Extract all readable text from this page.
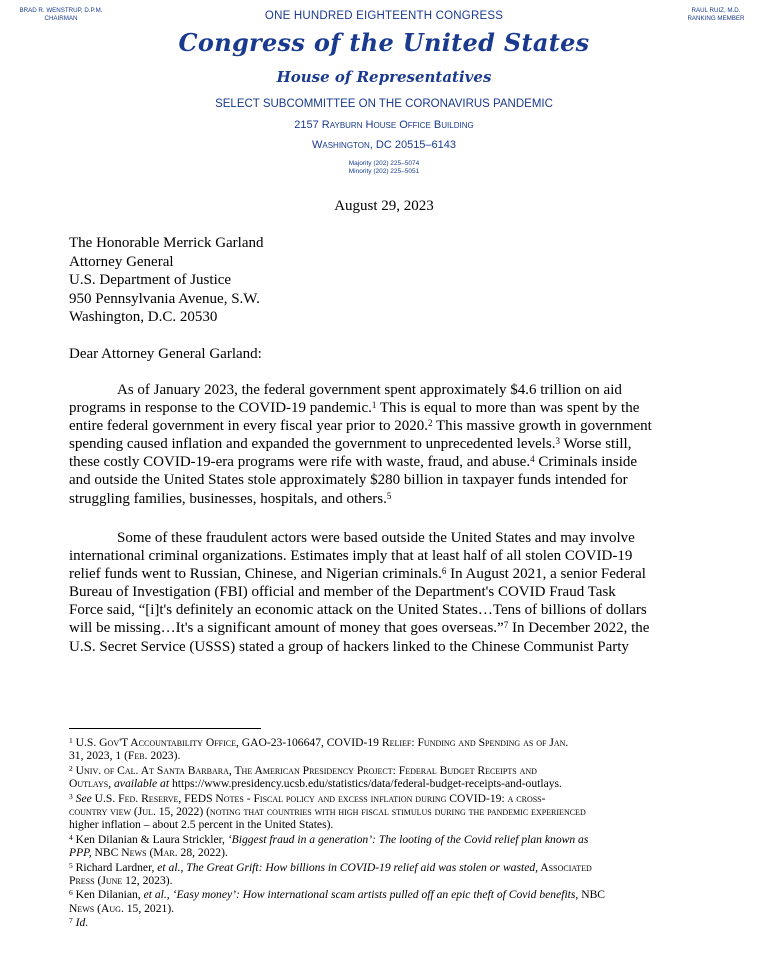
BRAD R. WENSTRUP, D.P.M.
CHAIRMAN
RAUL RUIZ, M.D.
RANKING MEMBER
ONE HUNDRED EIGHTEENTH CONGRESS
Congress of the United States
House of Representatives
SELECT SUBCOMMITTEE ON THE CORONAVIRUS PANDEMIC
2157 Rayburn House Office Building
Washington, DC 20515–6143
Majority (202) 225–5074
Minority (202) 225–5051
August 29, 2023
The Honorable Merrick Garland
Attorney General
U.S. Department of Justice
950 Pennsylvania Avenue, S.W.
Washington, D.C. 20530
Dear Attorney General Garland:
As of January 2023, the federal government spent approximately $4.6 trillion on aid
programs in response to the COVID-19 pandemic.$^1$ This is equal to more than was spent by the
entire federal government in every fiscal year prior to 2020.$^2$ This massive growth in government
spending caused inflation and expanded the government to unprecedented levels.$^3$ Worse still,
these costly COVID-19-era programs were rife with waste, fraud, and abuse.$^4$ Criminals inside
and outside the United States stole approximately $280 billion in taxpayer funds intended for
struggling families, businesses, hospitals, and others.$^5$
Some of these fraudulent actors were based outside the United States and may involve
international criminal organizations. Estimates imply that at least half of all stolen COVID-19
relief funds went to Russian, Chinese, and Nigerian criminals.$^6$ In August 2021, a senior Federal
Bureau of Investigation (FBI) official and member of the Department's COVID Fraud Task
Force said, “[i]t's definitely an economic attack on the United States…Tens of billions of dollars
will be missing…It's a significant amount of money that goes overseas.”$^7$ In December 2022, the
U.S. Secret Service (USSS) stated a group of hackers linked to the Chinese Communist Party
$^1$ U.S. Gov'T Accountability Office, GAO-23-106647, COVID-19 Relief: Funding and Spending as of Jan.
31, 2023, 1 (Feb. 2023).
$^2$ Univ. of Cal. At Santa Barbara, The American Presidency Project: Federal Budget Receipts and
Outlays, available at https://www.presidency.ucsb.edu/statistics/data/federal-budget-receipts-and-outlays.
$^3$ See U.S. Fed. Reserve, FEDS Notes - Fiscal policy and excess inflation during COVID-19: a cross-
country view (Jul. 15, 2022) (noting that countries with high fiscal stimulus during the pandemic experienced
higher inflation – about 2.5 percent in the United States).
$^4$ Ken Dilanian & Laura Strickler, ‘Biggest fraud in a generation’: The looting of the Covid relief plan known as
PPP, NBC News (Mar. 28, 2022).
$^5$ Richard Lardner, et al., The Great Grift: How billions in COVID-19 relief aid was stolen or wasted, Associated
Press (June 12, 2023).
$^6$ Ken Dilanian, et al., ‘Easy money’: How international scam artists pulled off an epic theft of Covid benefits, NBC
News (Aug. 15, 2021).
$^7$ Id.
